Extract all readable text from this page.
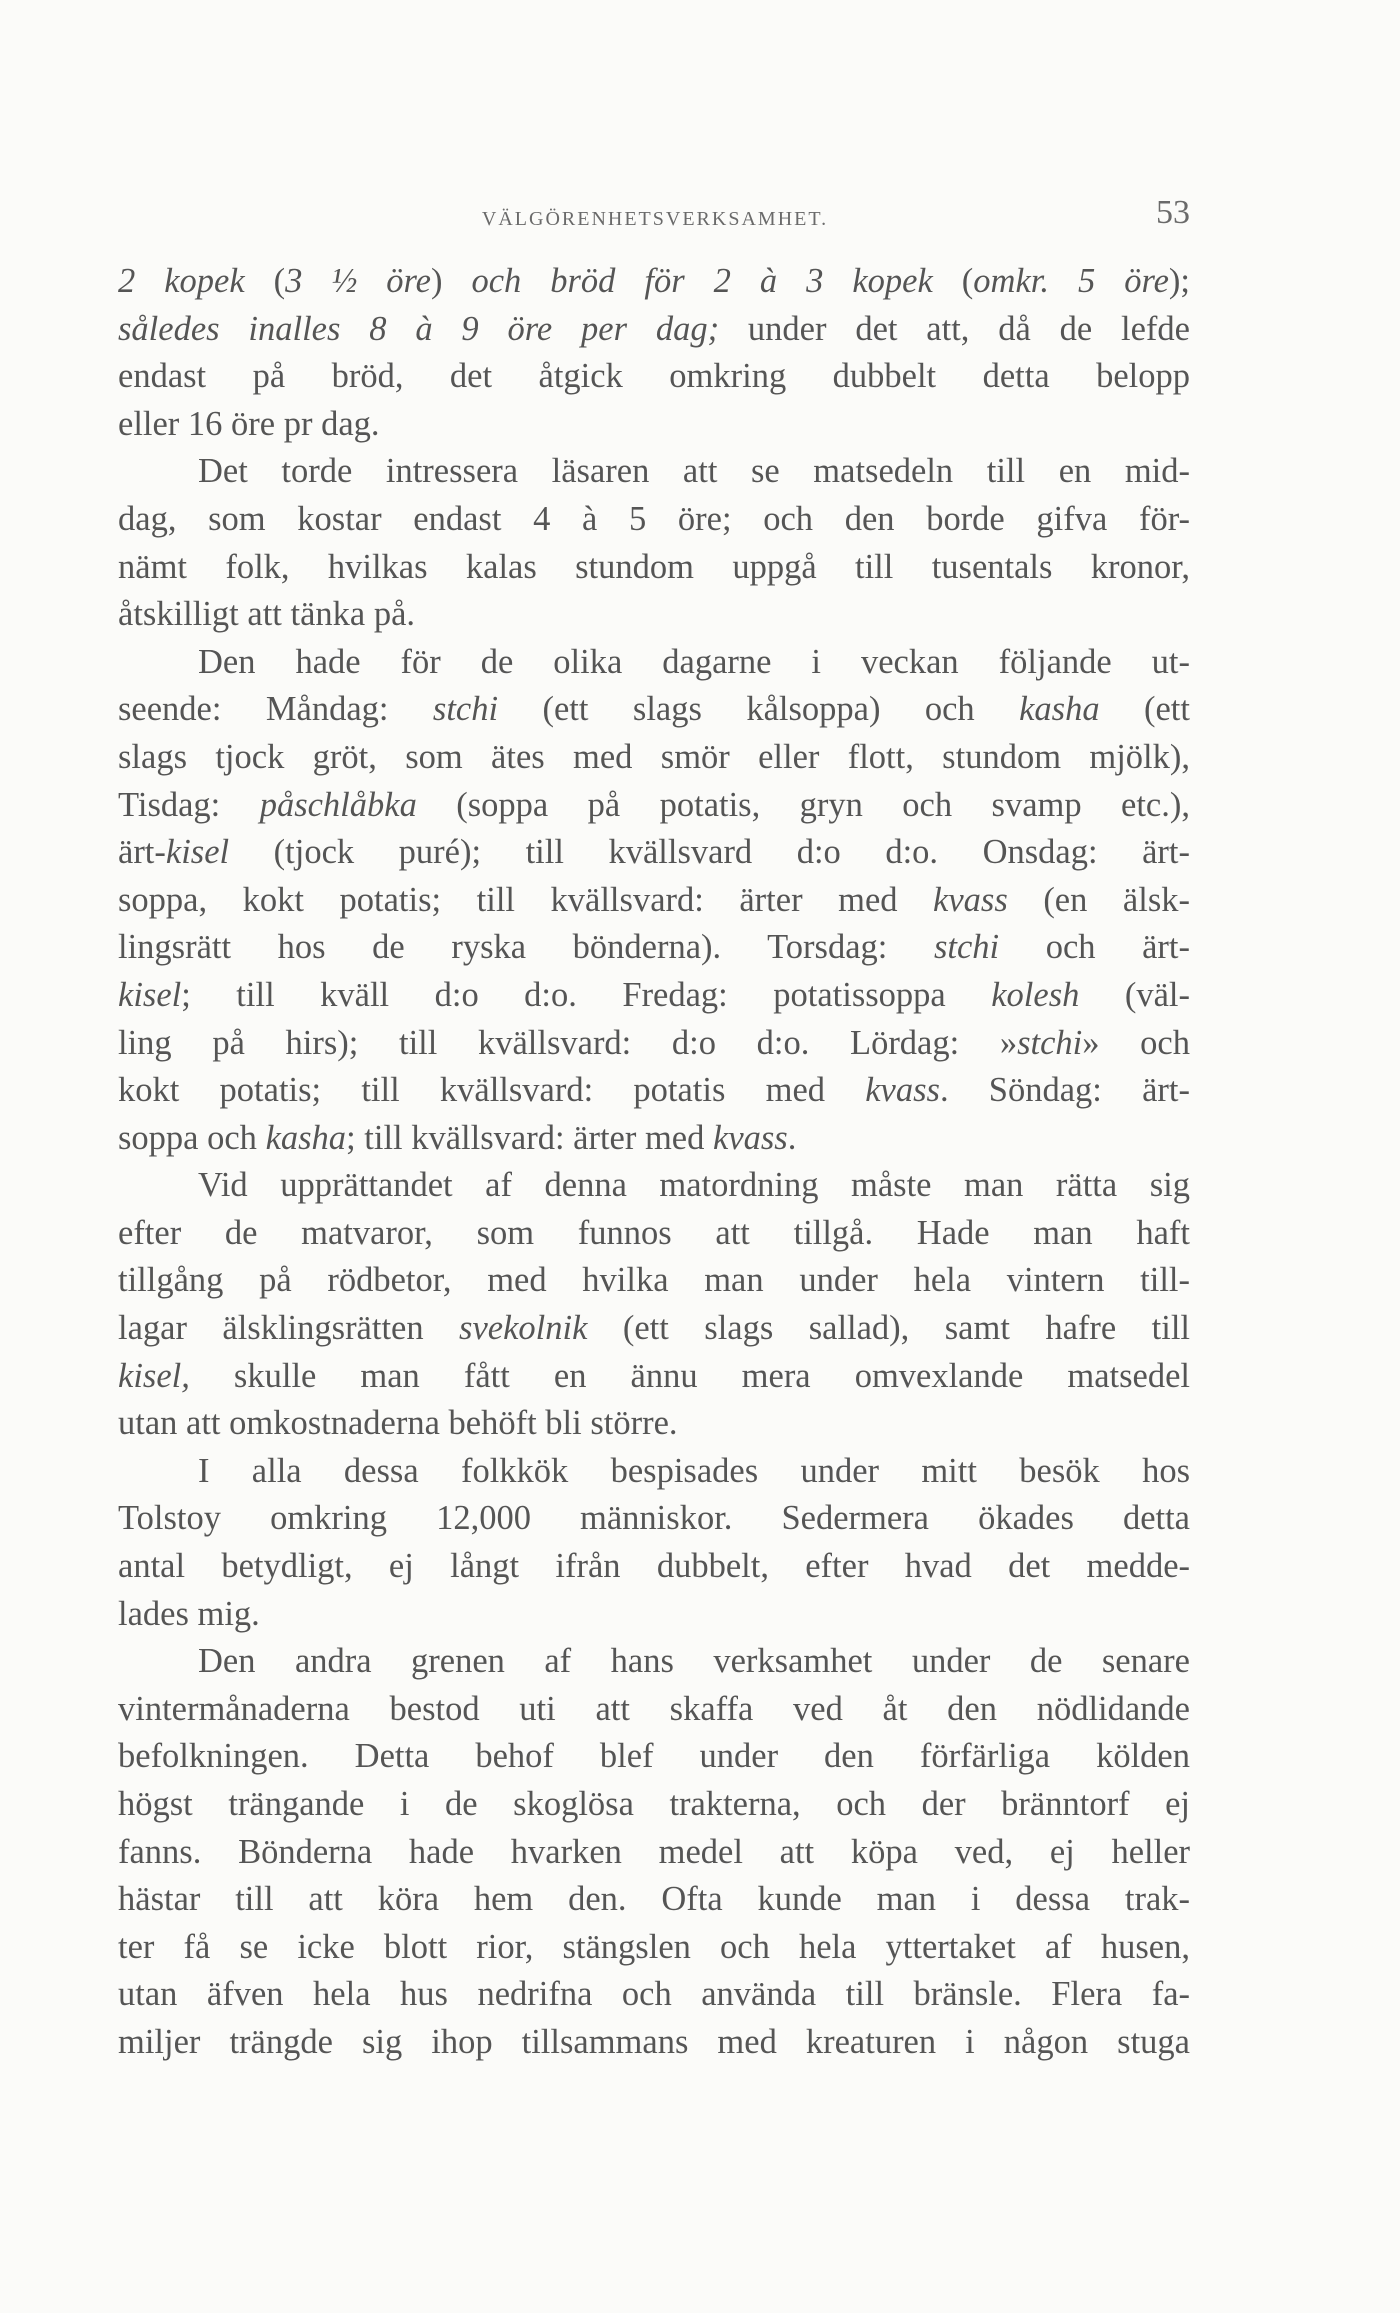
VÄLGÖRENHETSVERKSAMHET.	53
2 kopek (3 ½ öre) och bröd för 2 à 3 kopek (omkr. 5 öre);
således inalles 8 à 9 öre per dag; under det att, då de lefde
endast på bröd, det åtgick omkring dubbelt detta belopp
eller 16 öre pr dag.
Det torde intressera läsaren att se matsedeln till en mid-
dag, som kostar endast 4 à 5 öre; och den borde gifva för-
nämt folk, hvilkas kalas stundom uppgå till tusentals kronor,
åtskilligt att tänka på.
Den hade för de olika dagarne i veckan följande ut-
seende: Måndag: stchi (ett slags kålsoppa) och kasha (ett
slags tjock gröt, som ätes med smör eller flott, stundom mjölk),
Tisdag: påschlåbka (soppa på potatis, gryn och svamp etc.),
ärt-kisel (tjock puré); till kvällsvard d:o d:o. Onsdag: ärt-
soppa, kokt potatis; till kvällsvard: ärter med kvass (en älsk-
lingsrätt hos de ryska bönderna). Torsdag: stchi och ärt-
kisel; till kväll d:o d:o. Fredag: potatissoppa kolesh (väl-
ling på hirs); till kvällsvard: d:o d:o. Lördag: »stchi» och
kokt potatis; till kvällsvard: potatis med kvass. Söndag: ärt-
soppa och kasha; till kvällsvard: ärter med kvass.
Vid upprättandet af denna matordning måste man rätta sig
efter de matvaror, som funnos att tillgå. Hade man haft
tillgång på rödbetor, med hvilka man under hela vintern till-
lagar älsklingsrätten svekolnik (ett slags sallad), samt hafre till
kisel, skulle man fått en ännu mera omvexlande matsedel
utan att omkostnaderna behöft bli större.
I alla dessa folkkök bespisades under mitt besök hos
Tolstoy omkring 12,000 människor. Sedermera ökades detta
antal betydligt, ej långt ifrån dubbelt, efter hvad det medde-
lades mig.
Den andra grenen af hans verksamhet under de senare
vintermånaderna bestod uti att skaffa ved åt den nödlidande
befolkningen. Detta behof blef under den förfärliga kölden
högst trängande i de skoglösa trakterna, och der bränntorf ej
fanns. Bönderna hade hvarken medel att köpa ved, ej heller
hästar till att köra hem den. Ofta kunde man i dessa trak-
ter få se icke blott rior, stängslen och hela yttertaket af husen,
utan äfven hela hus nedrifna och använda till bränsle. Flera fa-
miljer trängde sig ihop tillsammans med kreaturen i någon stuga
